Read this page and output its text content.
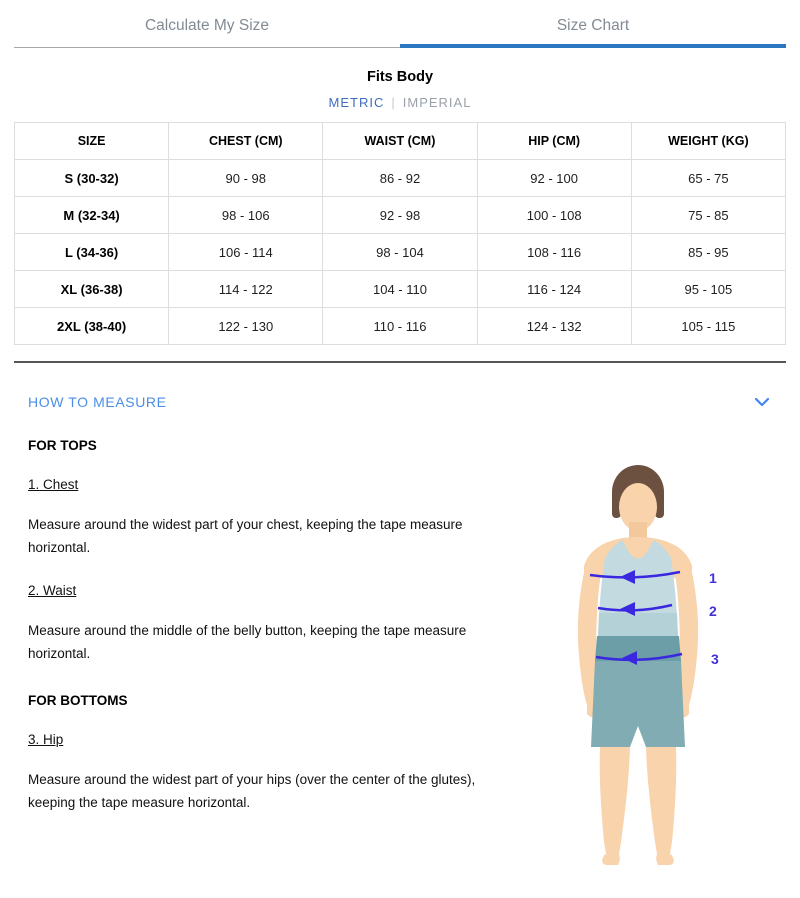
Calculate My Size	Size Chart
Fits Body
METRIC | IMPERIAL
SIZE	CHEST (CM)	WAIST (CM)	HIP (CM)	WEIGHT (KG)
S (30-32)	90 - 98	86 - 92	92 - 100	65 - 75
M (32-34)	98 - 106	92 - 98	100 - 108	75 - 85
L (34-36)	106 - 114	98 - 104	108 - 116	85 - 95
XL (36-38)	114 - 122	104 - 110	116 - 124	95 - 105
2XL (38-40)	122 - 130	110 - 116	124 - 132	105 - 115
HOW TO MEASURE
FOR TOPS
1. Chest
Measure around the widest part of your chest, keeping the tape measure horizontal.
2. Waist
Measure around the middle of the belly button, keeping the tape measure horizontal.
FOR BOTTOMS
3. Hip
Measure around the widest part of your hips (over the center of the glutes), keeping the tape measure horizontal.
1
2
3
